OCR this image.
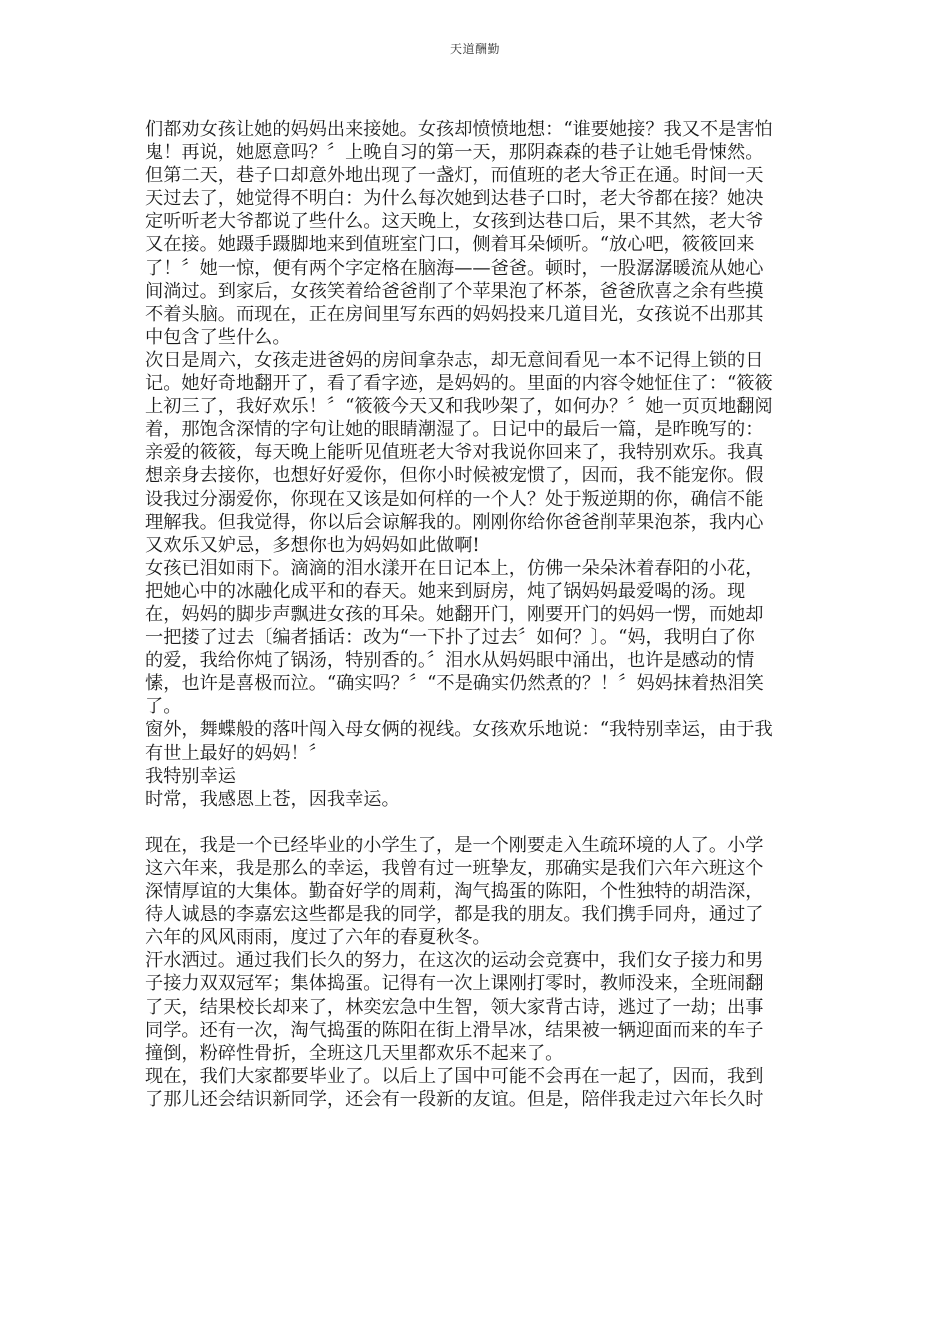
天道酬勤
们都劝女孩让她的妈妈出来接她。女孩却愤愤地想：“谁要她接？我又不是害怕
鬼！再说，她愿意吗？〞上晚自习的第一天，那阴森森的巷子让她毛骨悚然。
但第二天，巷子口却意外地出现了一盏灯，而值班的老大爷正在通。时间一天
天过去了，她觉得不明白：为什么每次她到达巷子口时，老大爷都在接？她决
定听听老大爷都说了些什么。这天晚上，女孩到达巷口后，果不其然，老大爷
又在接。她蹑手蹑脚地来到值班室门口，侧着耳朵倾听。“放心吧，筱筱回来
了！〞她一惊，便有两个字定格在脑海——爸爸。顿时，一股潺潺暖流从她心
间淌过。到家后，女孩笑着给爸爸削了个苹果泡了杯茶，爸爸欣喜之余有些摸
不着头脑。而现在，正在房间里写东西的妈妈投来几道目光，女孩说不出那其
中包含了些什么。
次日是周六，女孩走进爸妈的房间拿杂志，却无意间看见一本不记得上锁的日
记。她好奇地翻开了，看了看字迹，是妈妈的。里面的内容令她怔住了：“筱筱
上初三了，我好欢乐！〞“筱筱今天又和我吵架了，如何办？〞她一页页地翻阅
着，那饱含深情的字句让她的眼睛潮湿了。日记中的最后一篇，是昨晚写的：
亲爱的筱筱，每天晚上能听见值班老大爷对我说你回来了，我特别欢乐。我真
想亲身去接你，也想好好爱你，但你小时候被宠惯了，因而，我不能宠你。假
设我过分溺爱你，你现在又该是如何样的一个人？处于叛逆期的你，确信不能
理解我。但我觉得，你以后会谅解我的。刚刚你给你爸爸削苹果泡茶，我内心
又欢乐又妒忌，多想你也为妈妈如此做啊!
女孩已泪如雨下。滴滴的泪水漾开在日记本上，仿佛一朵朵沐着春阳的小花，
把她心中的冰融化成平和的春天。她来到厨房，炖了锅妈妈最爱喝的汤。现
在，妈妈的脚步声飘进女孩的耳朵。她翻开门，刚要开门的妈妈一愣，而她却
一把搂了过去〔编者插话：改为“一下扑了过去〞如何？〕。“妈，我明白了你
的爱，我给你炖了锅汤，特别香的。〞泪水从妈妈眼中涌出，也许是感动的情
愫，也许是喜极而泣。“确实吗？〞“不是确实仍然煮的？！〞妈妈抹着热泪笑
了。
窗外，舞蝶般的落叶闯入母女俩的视线。女孩欢乐地说：“我特别幸运，由于我
有世上最好的妈妈！〞
我特别幸运
时常，我感恩上苍，因我幸运。
现在，我是一个已经毕业的小学生了，是一个刚要走入生疏环境的人了。小学
这六年来，我是那么的幸运，我曾有过一班挚友，那确实是我们六年六班这个
深情厚谊的大集体。勤奋好学的周莉，淘气捣蛋的陈阳，个性独特的胡浩深，
待人诚恳的李嘉宏这些都是我的同学，都是我的朋友。我们携手同舟，通过了
六年的风风雨雨，度过了六年的春夏秋冬。
汗水洒过。通过我们长久的努力，在这次的运动会竞赛中，我们女子接力和男
子接力双双冠军；集体捣蛋。记得有一次上课刚打零时，教师没来，全班闹翻
了天，结果校长却来了，林奕宏急中生智，领大家背古诗，逃过了一劫；出事
同学。还有一次，淘气捣蛋的陈阳在街上滑旱冰，结果被一辆迎面而来的车子
撞倒，粉碎性骨折，全班这几天里都欢乐不起来了。
现在，我们大家都要毕业了。以后上了国中可能不会再在一起了，因而，我到
了那儿还会结识新同学，还会有一段新的友谊。但是，陪伴我走过六年长久时
